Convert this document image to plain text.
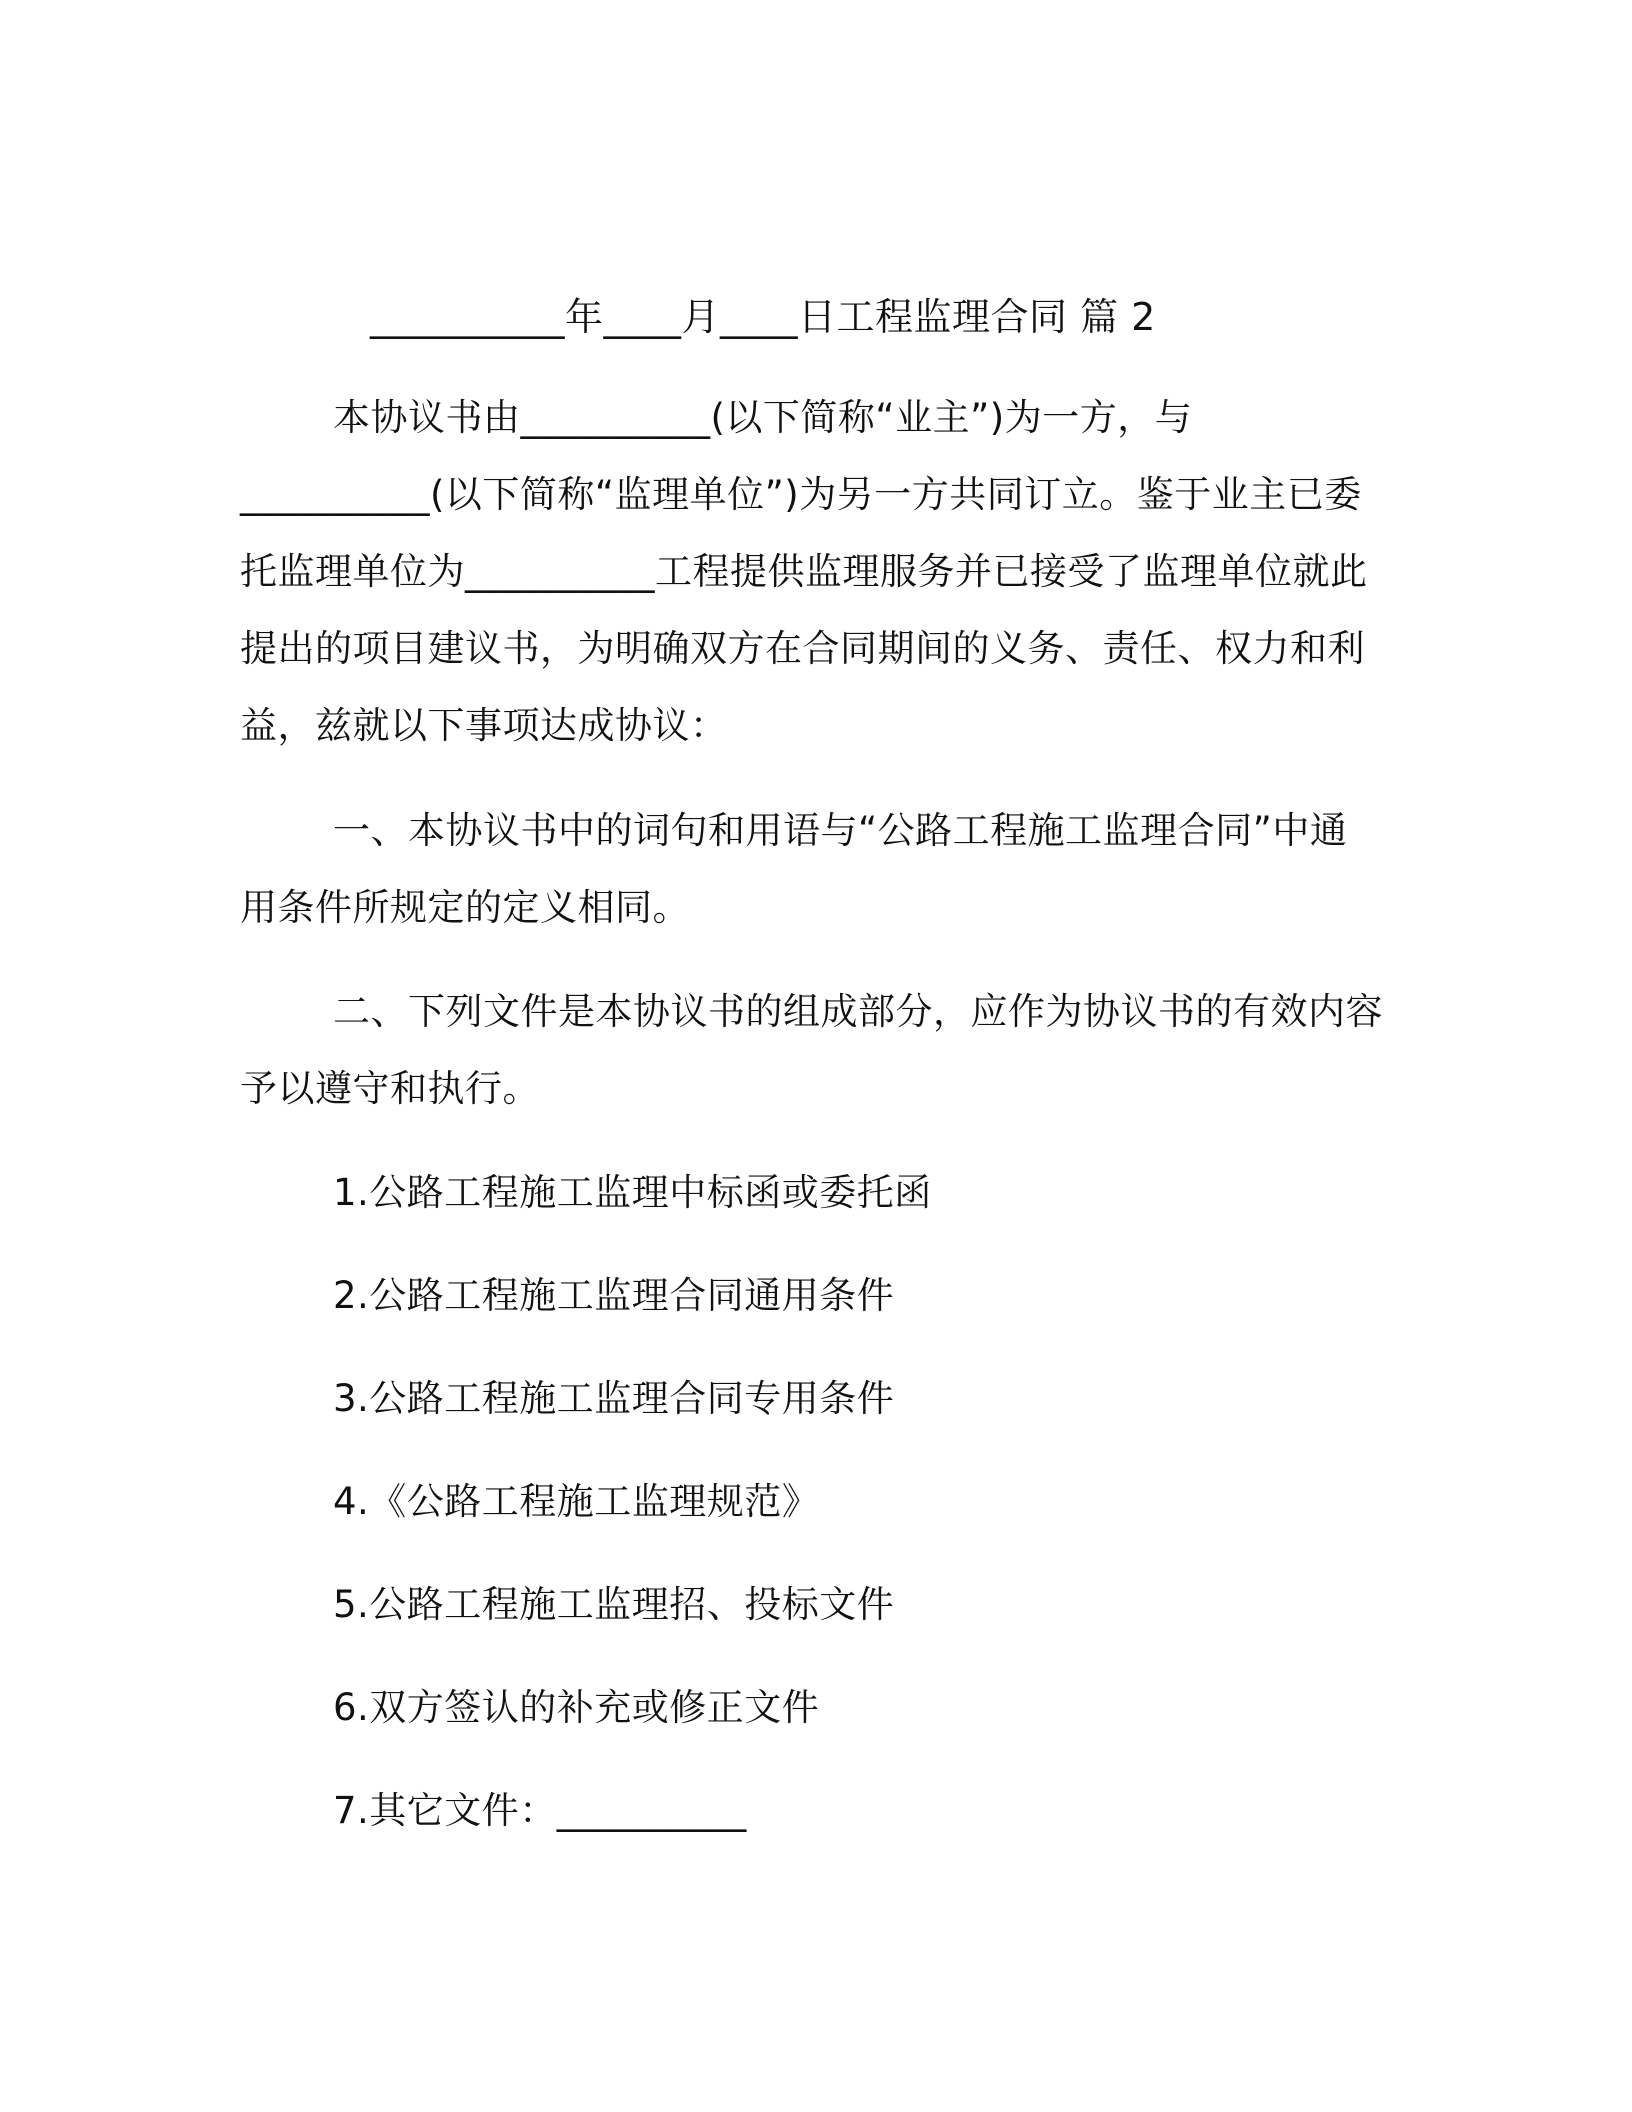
__________年____月____日工程监理合同 篇 2
本协议书由__________(以下简称“业主”)为一方，与
__________(以下简称“监理单位”)为另一方共同订立。鉴于业主已委
托监理单位为__________工程提供监理服务并已接受了监理单位就此
提出的项目建议书，为明确双方在合同期间的义务、责任、权力和利
益，兹就以下事项达成协议：
一、本协议书中的词句和用语与“公路工程施工监理合同”中通
用条件所规定的定义相同。
二、下列文件是本协议书的组成部分，应作为协议书的有效内容
予以遵守和执行。
1.公路工程施工监理中标函或委托函
2.公路工程施工监理合同通用条件
3.公路工程施工监理合同专用条件
4.《公路工程施工监理规范》
5.公路工程施工监理招、投标文件
6.双方签认的补充或修正文件
7.其它文件：__________
